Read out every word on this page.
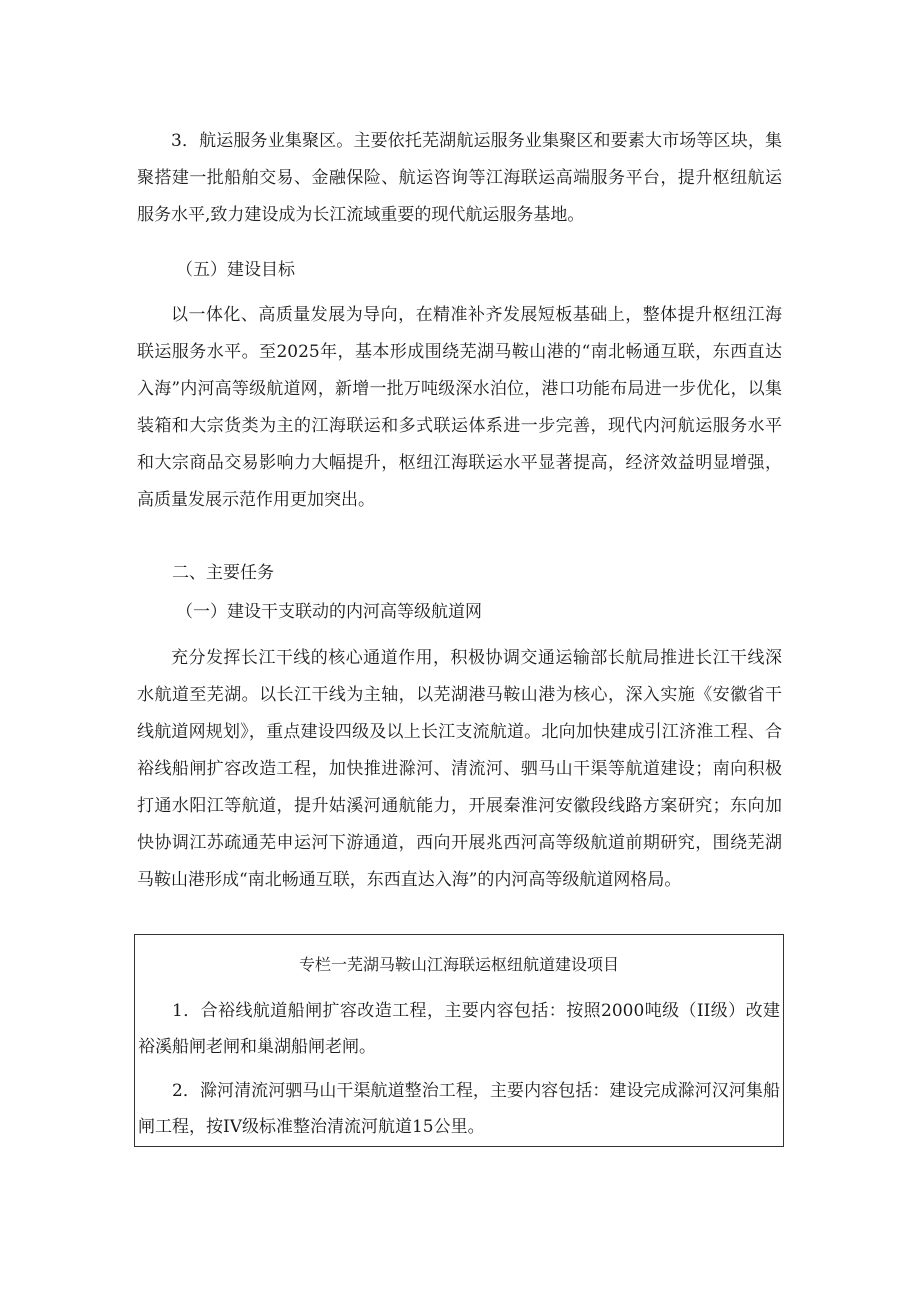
3．航运服务业集聚区。主要依托芜湖航运服务业集聚区和要素大市场等区块，集聚搭建一批船舶交易、金融保险、航运咨询等江海联运高端服务平台，提升枢纽航运服务水平,致力建设成为长江流域重要的现代航运服务基地。

（五）建设目标

以一体化、高质量发展为导向，在精准补齐发展短板基础上，整体提升枢纽江海联运服务水平。至2025年，基本形成围绕芜湖马鞍山港的“南北畅通互联，东西直达入海”内河高等级航道网，新增一批万吨级深水泊位，港口功能布局进一步优化，以集装箱和大宗货类为主的江海联运和多式联运体系进一步完善，现代内河航运服务水平和大宗商品交易影响力大幅提升，枢纽江海联运水平显著提高，经济效益明显增强，高质量发展示范作用更加突出。

二、主要任务

（一）建设干支联动的内河高等级航道网

充分发挥长江干线的核心通道作用，积极协调交通运输部长航局推进长江干线深水航道至芜湖。以长江干线为主轴，以芜湖港马鞍山港为核心，深入实施《安徽省干线航道网规划》，重点建设四级及以上长江支流航道。北向加快建成引江济淮工程、合裕线船闸扩容改造工程，加快推进滁河、清流河、驷马山干渠等航道建设；南向积极打通水阳江等航道，提升姑溪河通航能力，开展秦淮河安徽段线路方案研究；东向加快协调江苏疏通芜申运河下游通道，西向开展兆西河高等级航道前期研究，围绕芜湖马鞍山港形成“南北畅通互联，东西直达入海”的内河高等级航道网格局。

专栏一芜湖马鞍山江海联运枢纽航道建设项目

1．合裕线航道船闸扩容改造工程，主要内容包括：按照2000吨级（II级）改建裕溪船闸老闸和巢湖船闸老闸。

2．滁河清流河驷马山干渠航道整治工程，主要内容包括：建设完成滁河汉河集船闸工程，按IV级标准整治清流河航道15公里。
